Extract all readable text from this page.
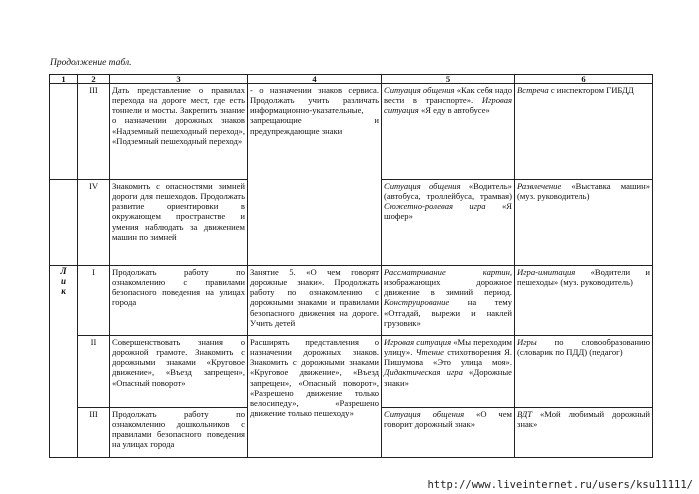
Продолжение табл.
1	2	3	4	5	6
	III	Дать представление о правилах перехода на дороге мест, где есть тоннели и мосты. Закрепить знание о назначении дорожных знаков «Надземный пешеходный переход», «Подземный пешеходный переход»	- о назначении знаков сервиса. Продолжать учить различать информационно-указательные, запрещающие и предупреждающие знаки	Ситуация общения «Как себя надо вести в транспорте». Игровая ситуация «Я еду в автобусе»	Встреча с инспектором ГИБДД
	IV	Знакомить с опасностями зимней дороги для пешеходов. Продолжать развитие ориентировки в окружающем пространстве и умения наблюдать за движением машин по зимней		Ситуация общения «Водитель» (автобуса, троллейбуса, трамвая) Сюжетно-ролевая игра «Я шофер»	Развлечение «Выставка машин» (муз. руководитель)

Л
и
к	I	Продолжать работу по ознакомлению с правилами безопасного поведения на улицах города	Занятие 5. «О чем говорят дорожные знаки». Продолжать работу по ознакомлению с дорожными знаками и правилами безопасного движения на дороге. Учить детей	Рассматривание картин, изображающих дорожное движение в зимний период. Конструирование на тему «Отгадай, вырежи и наклей грузовик»	Игра-имитация «Водители и пешеходы» (муз. руководитель)
	II	Совершенствовать знания о дорожной грамоте. Знакомить с дорожными знаками «Круговое движение», «Въезд запрещен», «Опасный поворот»	Расширять представления о назначении дорожных знаков. Знакомить с дорожными знаками «Круговое движение», «Въезд запрещен», «Опасный поворот», «Разрешено движение только велосипеду», «Разрешено движение только пешеходу»	Игровая ситуация «Мы переходим улицу». Чтение стихотворения Я. Пишумова «Это улица моя». Дидактическая игра «Дорожные знаки»	Игры по словообразованию (словарик по ПДД) (педагог)
	III	Продолжать работу по ознакомлению дошкольников с правилами безопасного поведения на улицах города		Ситуация общения «О чем говорит дорожный знак»	ВДТ «Мой любимый дорожный знак»
http://www.liveinternet.ru/users/ksu11111/
